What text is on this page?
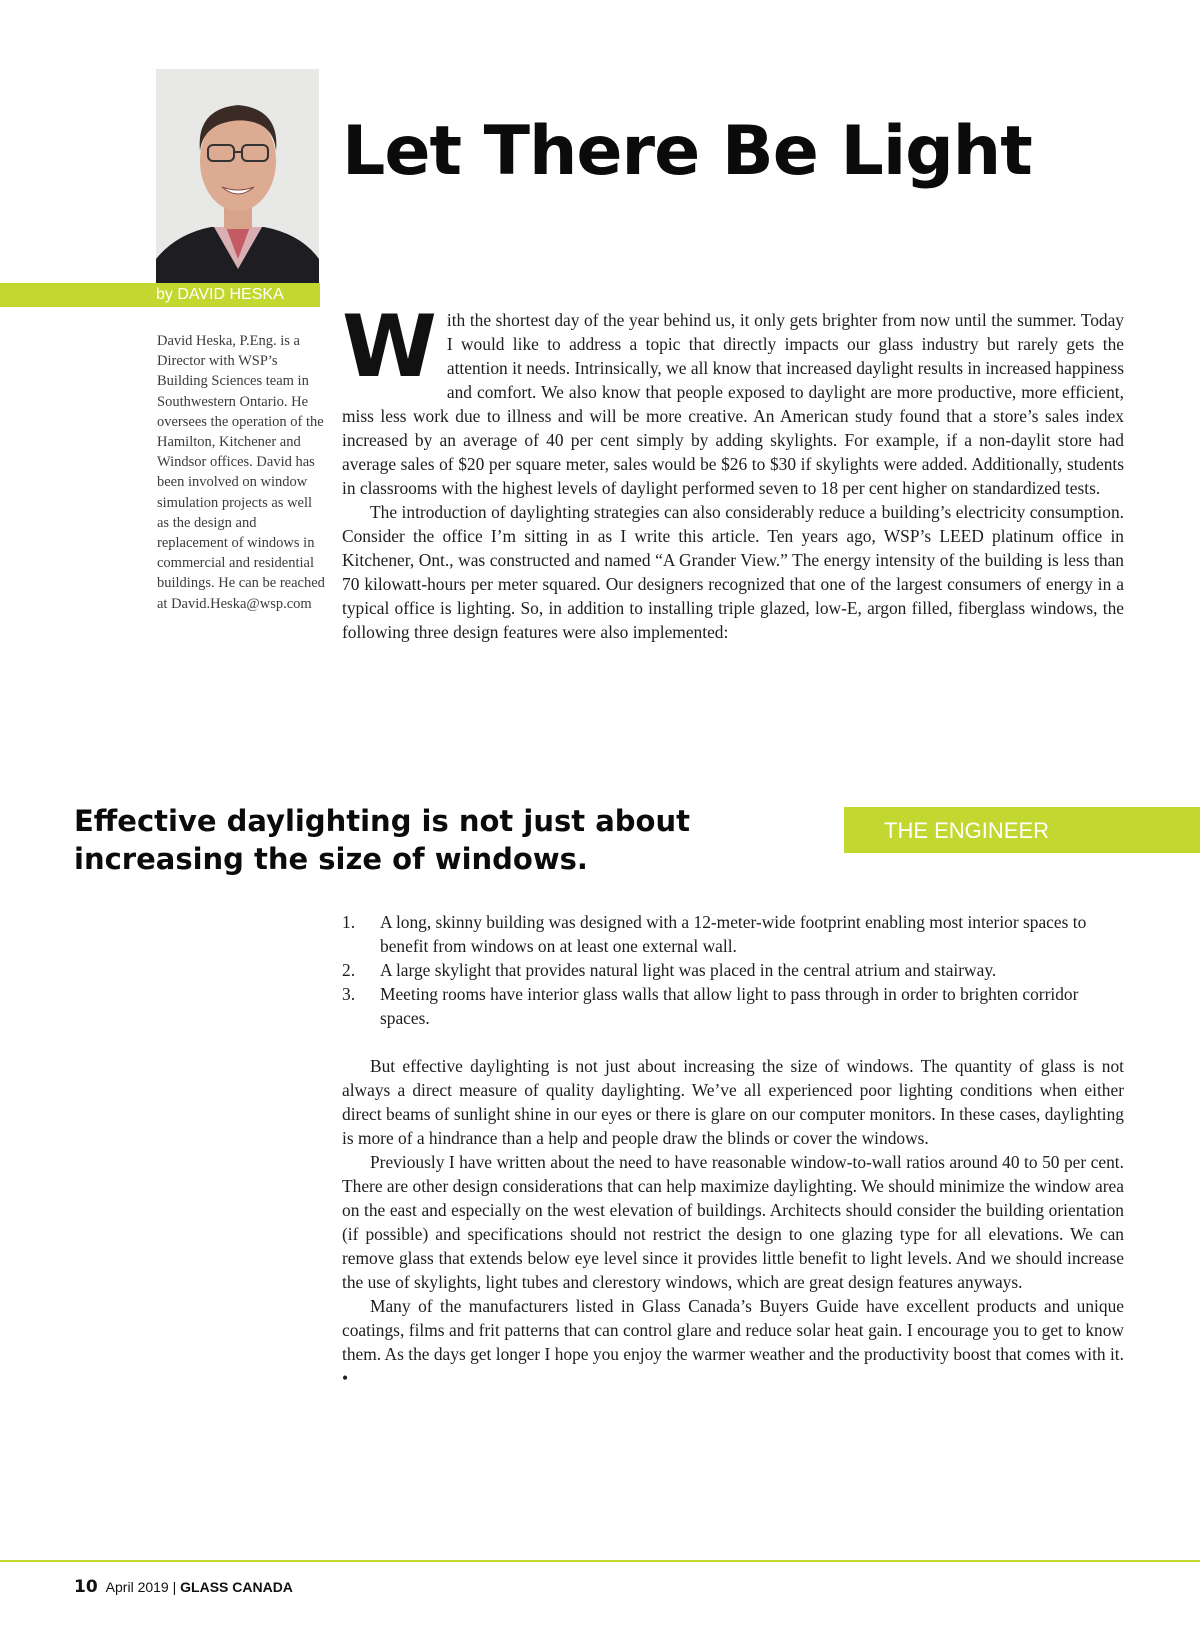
Let There Be Light
by DAVID HESKA

David Heska, P.Eng. is a Director with WSP’s Building Sciences team in Southwestern Ontario. He oversees the operation of the Hamilton, Kitchener and Windsor offices. David has been involved on window simulation projects as well as the design and replacement of windows in commercial and residential buildings. He can be reached at David.Heska@wsp.com

With the shortest day of the year behind us, it only gets brighter from now until the summer. Today I would like to address a topic that directly impacts our glass industry but rarely gets the attention it needs. Intrinsically, we all know that increased daylight results in increased happiness and comfort. We also know that people exposed to daylight are more productive, more efficient, miss less work due to illness and will be more creative. An American study found that a store’s sales index increased by an average of 40 per cent simply by adding skylights. For example, if a non-daylit store had average sales of $20 per square meter, sales would be $26 to $30 if skylights were added. Additionally, students in classrooms with the highest levels of daylight performed seven to 18 per cent higher on standardized tests.

The introduction of daylighting strategies can also considerably reduce a building’s electricity consumption. Consider the office I’m sitting in as I write this article. Ten years ago, WSP’s LEED platinum office in Kitchener, Ont., was constructed and named “A Grander View.” The energy intensity of the building is less than 70 kilowatt-hours per meter squared. Our designers recognized that one of the largest consumers of energy in a typical office is lighting. So, in addition to installing triple glazed, low-E, argon filled, fiberglass windows, the following three design features were also implemented:

Effective daylighting is not just about increasing the size of windows.
THE ENGINEER
1. A long, skinny building was designed with a 12-meter-wide footprint enabling most interior spaces to benefit from windows on at least one external wall.
2. A large skylight that provides natural light was placed in the central atrium and stairway.
3. Meeting rooms have interior glass walls that allow light to pass through in order to brighten corridor spaces.

But effective daylighting is not just about increasing the size of windows. The quantity of glass is not always a direct measure of quality daylighting. We’ve all experienced poor lighting conditions when either direct beams of sunlight shine in our eyes or there is glare on our computer monitors. In these cases, daylighting is more of a hindrance than a help and people draw the blinds or cover the windows.

Previously I have written about the need to have reasonable window-to-wall ratios around 40 to 50 per cent. There are other design considerations that can help maximize daylighting. We should minimize the window area on the east and especially on the west elevation of buildings. Architects should consider the building orientation (if possible) and specifications should not restrict the design to one glazing type for all elevations. We can remove glass that extends below eye level since it provides little benefit to light levels. And we should increase the use of skylights, light tubes and clerestory windows, which are great design features anyways.

Many of the manufacturers listed in Glass Canada’s Buyers Guide have excellent products and unique coatings, films and frit patterns that can control glare and reduce solar heat gain. I encourage you to get to know them. As the days get longer I hope you enjoy the warmer weather and the productivity boost that comes with it. •

10 April 2019 | GLASS CANADA
